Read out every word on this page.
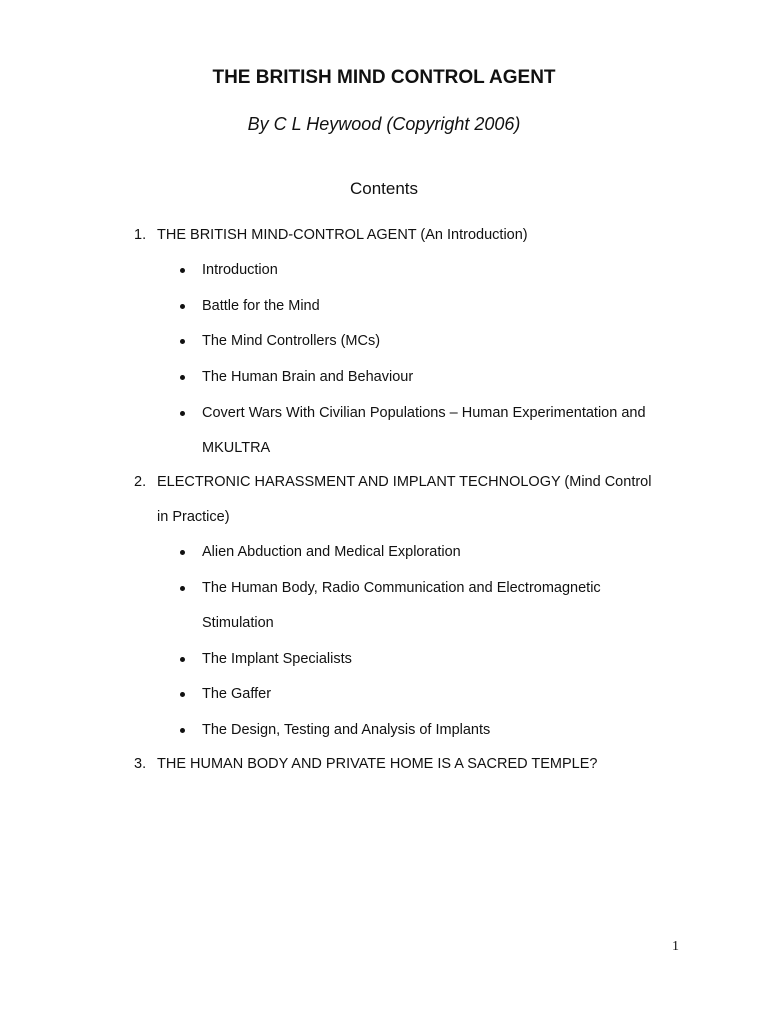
THE BRITISH MIND CONTROL AGENT
By C L Heywood (Copyright 2006)
Contents
1. THE BRITISH MIND-CONTROL AGENT (An Introduction)
Introduction
Battle for the Mind
The Mind Controllers (MCs)
The Human Brain and Behaviour
Covert Wars With Civilian Populations – Human Experimentation and
MKULTRA
2. ELECTRONIC HARASSMENT AND IMPLANT TECHNOLOGY (Mind Control
in Practice)
Alien Abduction and Medical Exploration
The Human Body, Radio Communication and Electromagnetic
Stimulation
The Implant Specialists
The Gaffer
The Design, Testing and Analysis of Implants
3. THE HUMAN BODY AND PRIVATE HOME IS A SACRED TEMPLE?
1
